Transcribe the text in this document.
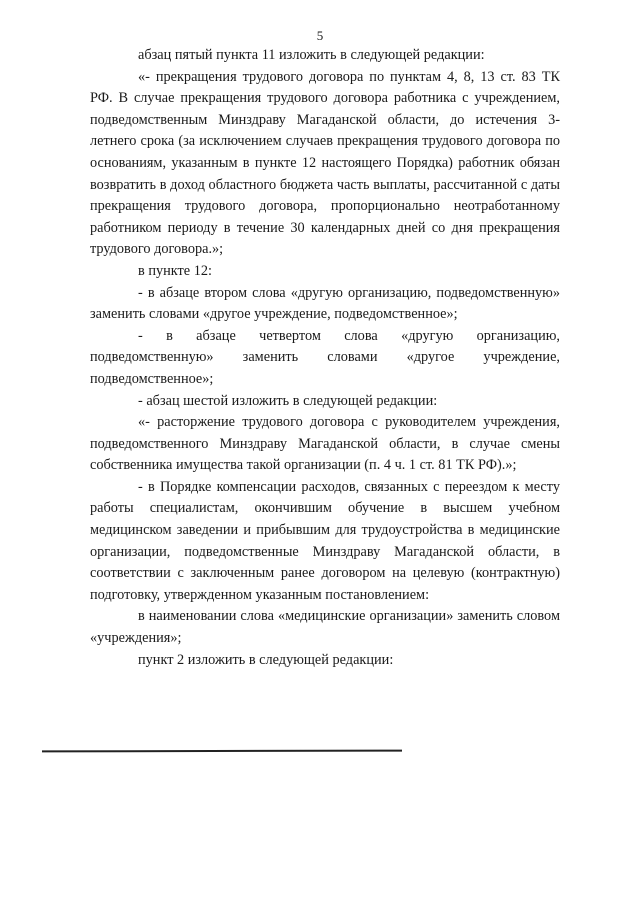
5

абзац пятый пункта 11 изложить в следующей редакции:

«- прекращения трудового договора по пунктам 4, 8, 13 ст. 83 ТК РФ. В случае прекращения трудового договора работника с учреждением, подведомственным Минздраву Магаданской области, до истечения 3-летнего срока (за исключением случаев прекращения трудового договора по основаниям, указанным в пункте 12 настоящего Порядка) работник обязан возвратить в доход областного бюджета часть выплаты, рассчитанной с даты прекращения трудового договора, пропорционально неотработанному работником периоду в течение 30 календарных дней со дня прекращения трудового договора.»;

в пункте 12:

- в абзаце втором слова «другую организацию, подведомственную» заменить словами «другое учреждение, подведомственное»;

- в абзаце четвертом слова «другую организацию, подведомственную» заменить словами «другое учреждение, подведомственное»;

- абзац шестой изложить в следующей редакции:

«- расторжение трудового договора с руководителем учреждения, подведомственного Минздраву Магаданской области, в случае смены собственника имущества такой организации (п. 4 ч. 1 ст. 81 ТК РФ).»;

- в Порядке компенсации расходов, связанных с переездом к месту работы специалистам, окончившим обучение в высшем учебном медицинском заведении и прибывшим для трудоустройства в медицинские организации, подведомственные Минздраву Магаданской области, в соответствии с заключенным ранее договором на целевую (контрактную) подготовку, утвержденном указанным постановлением:

в наименовании слова «медицинские организации» заменить словом «учреждения»;

пункт 2 изложить в следующей редакции:
